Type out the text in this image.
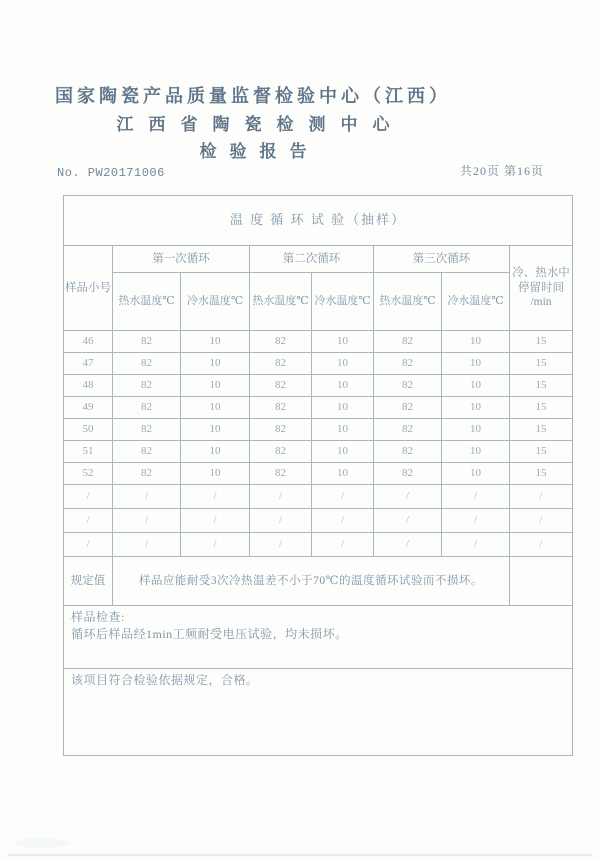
国家陶瓷产品质量监督检验中心（江西）
江西省陶瓷检测中心
检验报告
No. PW20171006	共20页 第16页
温 度 循 环 试 验（抽样）							
样品小号	第一次循环		第二次循环		第三次循环		冷、热水中
停留时间
/min

	热水温度℃	冷水温度℃	热水温度℃	冷水温度℃	热水温度℃	冷水温度℃	
46	82	10	82	10	82	10	15
47	82	10	82	10	82	10	15
48	82	10	82	10	82	10	15
49	82	10	82	10	82	10	15
50	82	10	82	10	82	10	15
51	82	10	82	10	82	10	15
52	82	10	82	10	82	10	15
/	/	/	/	/	/	/	/
/	/	/	/	/	/	/	/
/	/	/	/	/	/	/	/
规定值	样品应能耐受3次冷热温差不小于70℃的温度循环试验而不损坏。						

样品检查:
循环后样品经1min工频耐受电压试验，均未损坏。							

该项目符合检验依据规定，合格。							
